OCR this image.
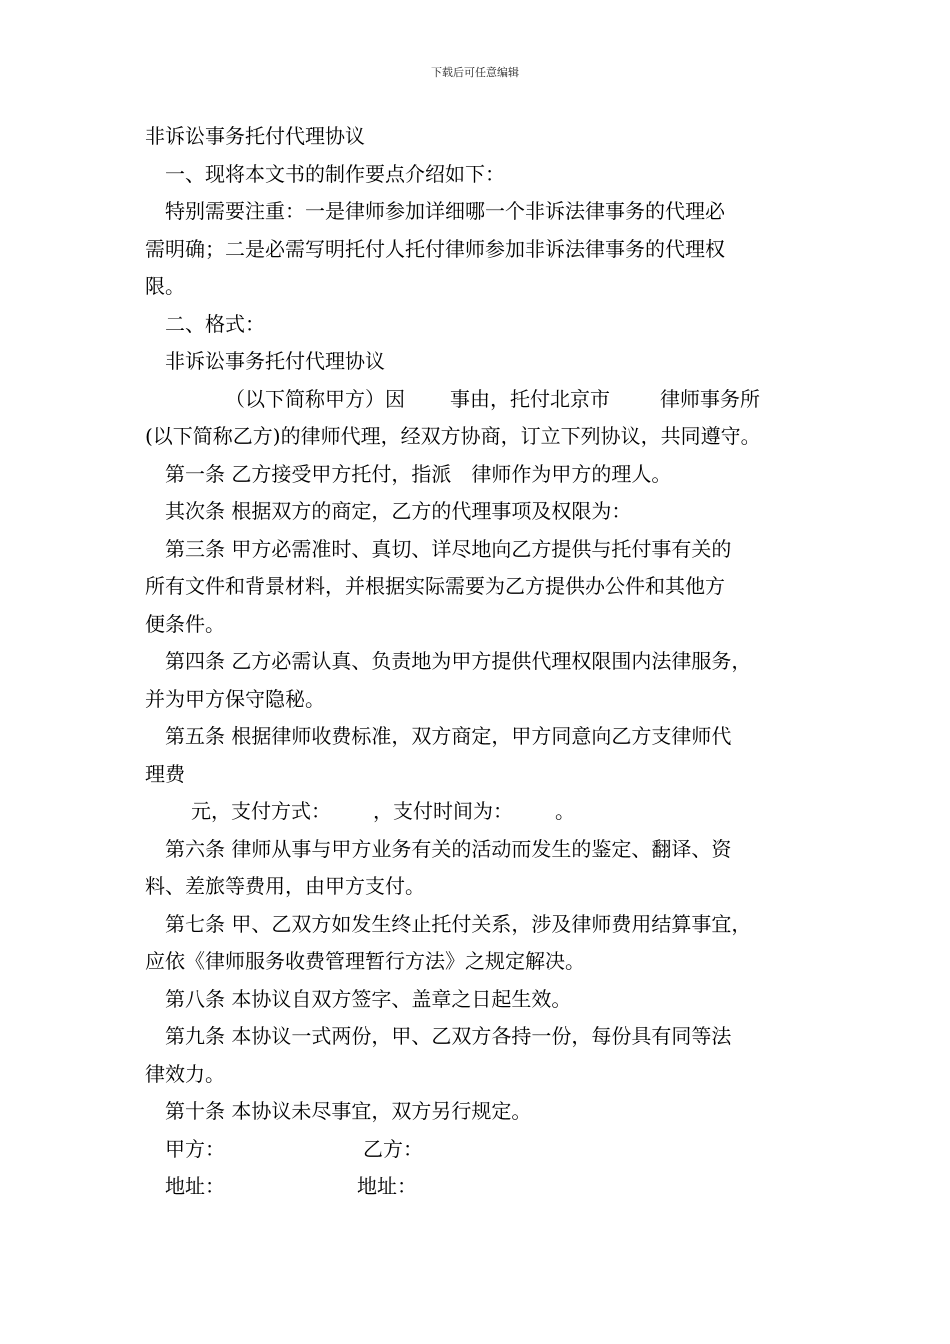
下载后可任意编辑
非诉讼事务托付代理协议
一、现将本文书的制作要点介绍如下：
特别需要注重：一是律师参加详细哪一个非诉法律事务的代理必
需明确；二是必需写明托付人托付律师参加非诉法律事务的代理权
限。
二、格式：
非诉讼事务托付代理协议
（以下简称甲方）因 事由，托付北京市	律师事务所
(以下简称乙方)的律师代理，经双方协商，订立下列协议，共同遵守。
第一条 乙方接受甲方托付，指派 律师作为甲方的理人。
其次条 根据双方的商定，乙方的代理事项及权限为：
第三条 甲方必需准时、真切、详尽地向乙方提供与托付事有关的
所有文件和背景材料，并根据实际需要为乙方提供办公件和其他方
便条件。
第四条 乙方必需认真、负责地为甲方提供代理权限围内法律服务，
并为甲方保守隐秘。
第五条 根据律师收费标准，双方商定，甲方同意向乙方支律师代
理费
元，支付方式： ，支付时间为： 。
第六条 律师从事与甲方业务有关的活动而发生的鉴定、翻译、资
料、差旅等费用，由甲方支付。
第七条 甲、乙双方如发生终止托付关系，涉及律师费用结算事宜，
应依《律师服务收费管理暂行方法》之规定解决。
第八条 本协议自双方签字、盖章之日起生效。
第九条 本协议一式两份，甲、乙双方各持一份，每份具有同等法
律效力。
第十条 本协议未尽事宜，双方另行规定。
甲方：	乙方：
地址：	地址：
